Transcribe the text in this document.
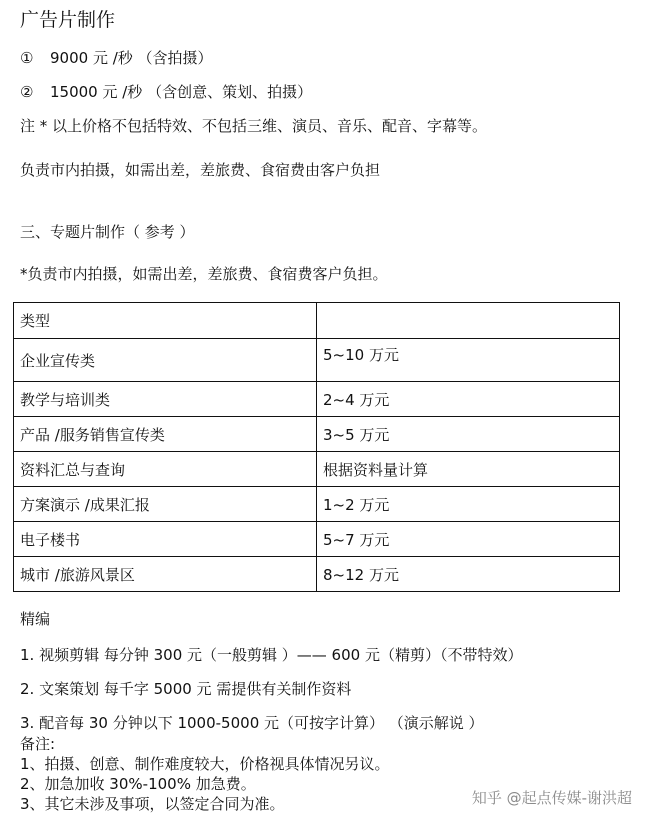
广告片制作
① 9000 元 /秒 （含拍摄）
② 15000 元 /秒 （含创意、策划、拍摄）
注 * 以上价格不包括特效、不包括三维、演员、音乐、配音、字幕等。
负责市内拍摄，如需出差，差旅费、食宿费由客户负担
三、专题片制作（ 参考 ）
*负责市内拍摄，如需出差，差旅费、食宿费客户负担。
类型	
企业宣传类	5~10 万元
教学与培训类	2~4 万元
产品 /服务销售宣传类	3~5 万元
资料汇总与查询	根据资料量计算
方案演示 /成果汇报	1~2 万元
电子楼书	5~7 万元
城市 /旅游风景区	8~12 万元
精编
1. 视频剪辑 每分钟 300 元（一般剪辑 ）—— 600 元（精剪）（不带特效）
2. 文案策划 每千字 5000 元 需提供有关制作资料
3. 配音每 30 分钟以下 1000-5000 元（可按字计算） （演示解说 ）
备注:
1、拍摄、创意、制作难度较大，价格视具体情况另议。
2、加急加收 30%-100% 加急费。
3、其它未涉及事项，以签定合同为准。	知乎 @起点传媒-谢洪超
